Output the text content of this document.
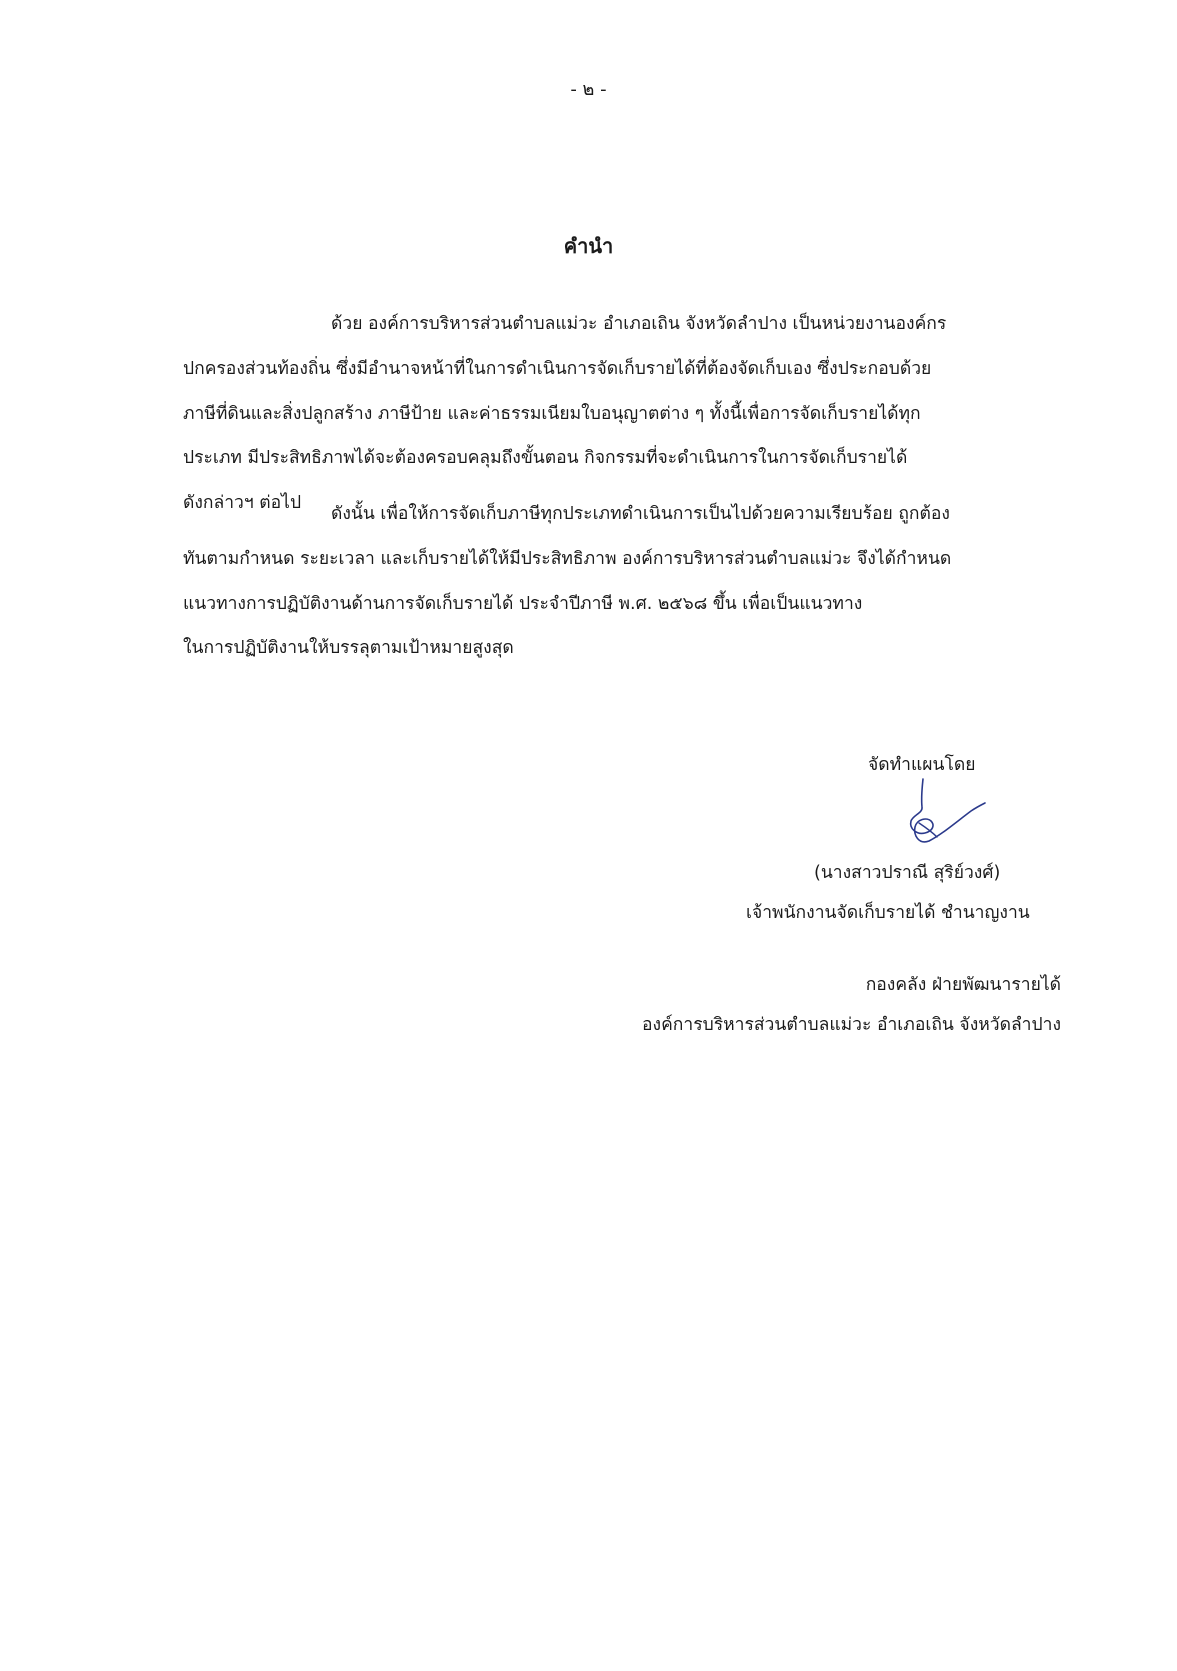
- ๒ -
คำนำ

ด้วย องค์การบริหารส่วนตำบลแม่วะ อำเภอเถิน จังหวัดลำปาง เป็นหน่วยงานองค์กร
ปกครองส่วนท้องถิ่น ซึ่งมีอำนาจหน้าที่ในการดำเนินการจัดเก็บรายได้ที่ต้องจัดเก็บเอง ซึ่งประกอบด้วย
ภาษีที่ดินและสิ่งปลูกสร้าง ภาษีป้าย และค่าธรรมเนียมใบอนุญาตต่าง ๆ ทั้งนี้เพื่อการจัดเก็บรายได้ทุก
ประเภท มีประสิทธิภาพได้จะต้องครอบคลุมถึงขั้นตอน กิจกรรมที่จะดำเนินการในการจัดเก็บรายได้
ดังกล่าวฯ ต่อไป

ดังนั้น เพื่อให้การจัดเก็บภาษีทุกประเภทดำเนินการเป็นไปด้วยความเรียบร้อย ถูกต้อง
ทันตามกำหนด ระยะเวลา และเก็บรายได้ให้มีประสิทธิภาพ องค์การบริหารส่วนตำบลแม่วะ จึงได้กำหนด
แนวทางการปฏิบัติงานด้านการจัดเก็บรายได้ ประจำปีภาษี พ.ศ. ๒๕๖๘ ขึ้น เพื่อเป็นแนวทาง
ในการปฏิบัติงานให้บรรลุตามเป้าหมายสูงสุด

จัดทำแผนโดย
(นางสาวปราณี สุริย์วงศ์)
เจ้าพนักงานจัดเก็บรายได้ ชำนาญงาน
กองคลัง ฝ่ายพัฒนารายได้
องค์การบริหารส่วนตำบลแม่วะ อำเภอเถิน จังหวัดลำปาง
